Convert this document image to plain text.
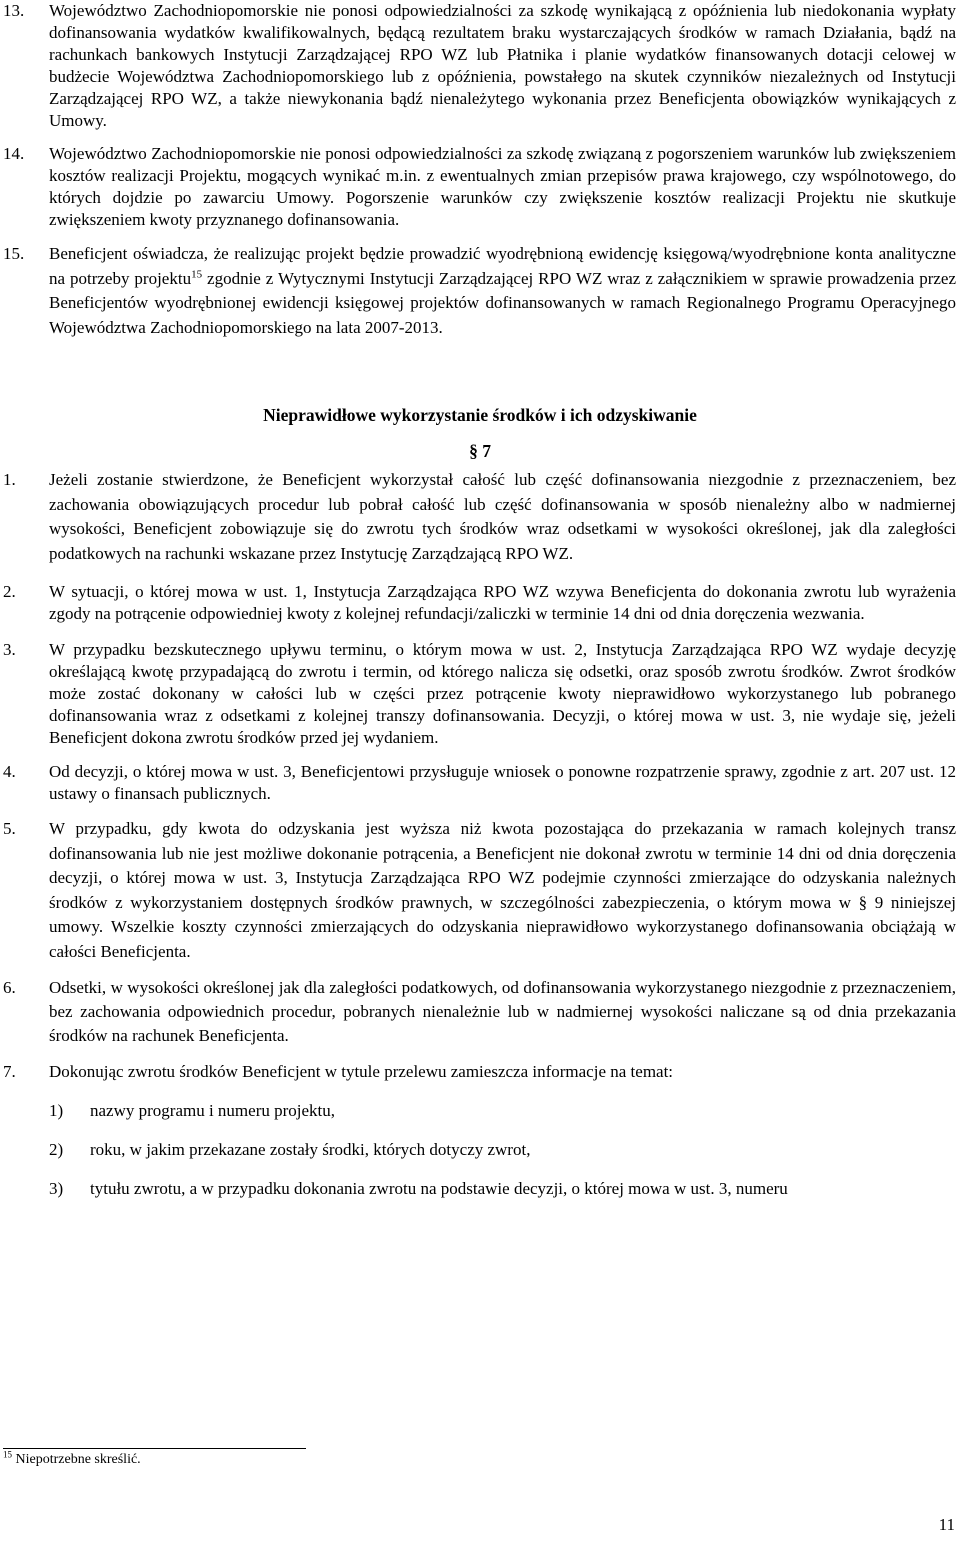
13. Województwo Zachodniopomorskie nie ponosi odpowiedzialności za szkodę wynikającą z opóźnienia lub niedokonania wypłaty dofinansowania wydatków kwalifikowalnych, będącą rezultatem braku wystarczających środków w ramach Działania, bądź na rachunkach bankowych Instytucji Zarządzającej RPO WZ lub Płatnika i planie wydatków finansowanych dotacji celowej w budżecie Województwa Zachodniopomorskiego lub z opóźnienia, powstałego na skutek czynników niezależnych od Instytucji Zarządzającej RPO WZ, a także niewykonania bądź nienależytego wykonania przez Beneficjenta obowiązków wynikających z Umowy.
14. Województwo Zachodniopomorskie nie ponosi odpowiedzialności za szkodę związaną z pogorszeniem warunków lub zwiększeniem kosztów realizacji Projektu, mogących wynikać m.in. z ewentualnych zmian przepisów prawa krajowego, czy wspólnotowego, do których dojdzie po zawarciu Umowy. Pogorszenie warunków czy zwiększenie kosztów realizacji Projektu nie skutkuje zwiększeniem kwoty przyznanego dofinansowania.
15. Beneficjent oświadcza, że realizując projekt będzie prowadzić wyodrębnioną ewidencję księgową/wyodrębnione konta analityczne na potrzeby projektu$^{15}$ zgodnie z Wytycznymi Instytucji Zarządzającej RPO WZ wraz z załącznikiem w sprawie prowadzenia przez Beneficjentów wyodrębnionej ewidencji księgowej projektów dofinansowanych w ramach Regionalnego Programu Operacyjnego Województwa Zachodniopomorskiego na lata 2007-2013.
Nieprawidłowe wykorzystanie środków i ich odzyskiwanie
§ 7
1. Jeżeli zostanie stwierdzone, że Beneficjent wykorzystał całość lub część dofinansowania niezgodnie z przeznaczeniem, bez zachowania obowiązujących procedur lub pobrał całość lub część dofinansowania w sposób nienależny albo w nadmiernej wysokości, Beneficjent zobowiązuje się do zwrotu tych środków wraz odsetkami w wysokości określonej, jak dla zaległości podatkowych na rachunki wskazane przez Instytucję Zarządzającą RPO WZ.
2. W sytuacji, o której mowa w ust. 1, Instytucja Zarządzająca RPO WZ wzywa Beneficjenta do dokonania zwrotu lub wyrażenia zgody na potrącenie odpowiedniej kwoty z kolejnej refundacji/zaliczki w terminie 14 dni od dnia doręczenia wezwania.
3. W przypadku bezskutecznego upływu terminu, o którym mowa w ust. 2, Instytucja Zarządzająca RPO WZ wydaje decyzję określającą kwotę przypadającą do zwrotu i termin, od którego nalicza się odsetki, oraz sposób zwrotu środków. Zwrot środków może zostać dokonany w całości lub w części przez potrącenie kwoty nieprawidłowo wykorzystanego lub pobranego dofinansowania wraz z odsetkami z kolejnej transzy dofinansowania. Decyzji, o której mowa w ust. 3, nie wydaje się, jeżeli Beneficjent dokona zwrotu środków przed jej wydaniem.
4. Od decyzji, o której mowa w ust. 3, Beneficjentowi przysługuje wniosek o ponowne rozpatrzenie sprawy, zgodnie z art. 207 ust. 12 ustawy o finansach publicznych.
5. W przypadku, gdy kwota do odzyskania jest wyższa niż kwota pozostająca do przekazania w ramach kolejnych transz dofinansowania lub nie jest możliwe dokonanie potrącenia, a Beneficjent nie dokonał zwrotu w terminie 14 dni od dnia doręczenia decyzji, o której mowa w ust. 3, Instytucja Zarządzająca RPO WZ podejmie czynności zmierzające do odzyskania należnych środków z wykorzystaniem dostępnych środków prawnych, w szczególności zabezpieczenia, o którym mowa w § 9 niniejszej umowy. Wszelkie koszty czynności zmierzających do odzyskania nieprawidłowo wykorzystanego dofinansowania obciążają w całości Beneficjenta.
6. Odsetki, w wysokości określonej jak dla zaległości podatkowych, od dofinansowania wykorzystanego niezgodnie z przeznaczeniem, bez zachowania odpowiednich procedur, pobranych nienależnie lub w nadmiernej wysokości naliczane są od dnia przekazania środków na rachunek Beneficjenta.
7. Dokonując zwrotu środków Beneficjent w tytule przelewu zamieszcza informacje na temat:
1) nazwy programu i numeru projektu,
2) roku, w jakim przekazane zostały środki, których dotyczy zwrot,
3) tytułu zwrotu, a w przypadku dokonania zwrotu na podstawie decyzji, o której mowa w ust. 3, numeru
$^{15}$ Niepotrzebne skreślić.
11
